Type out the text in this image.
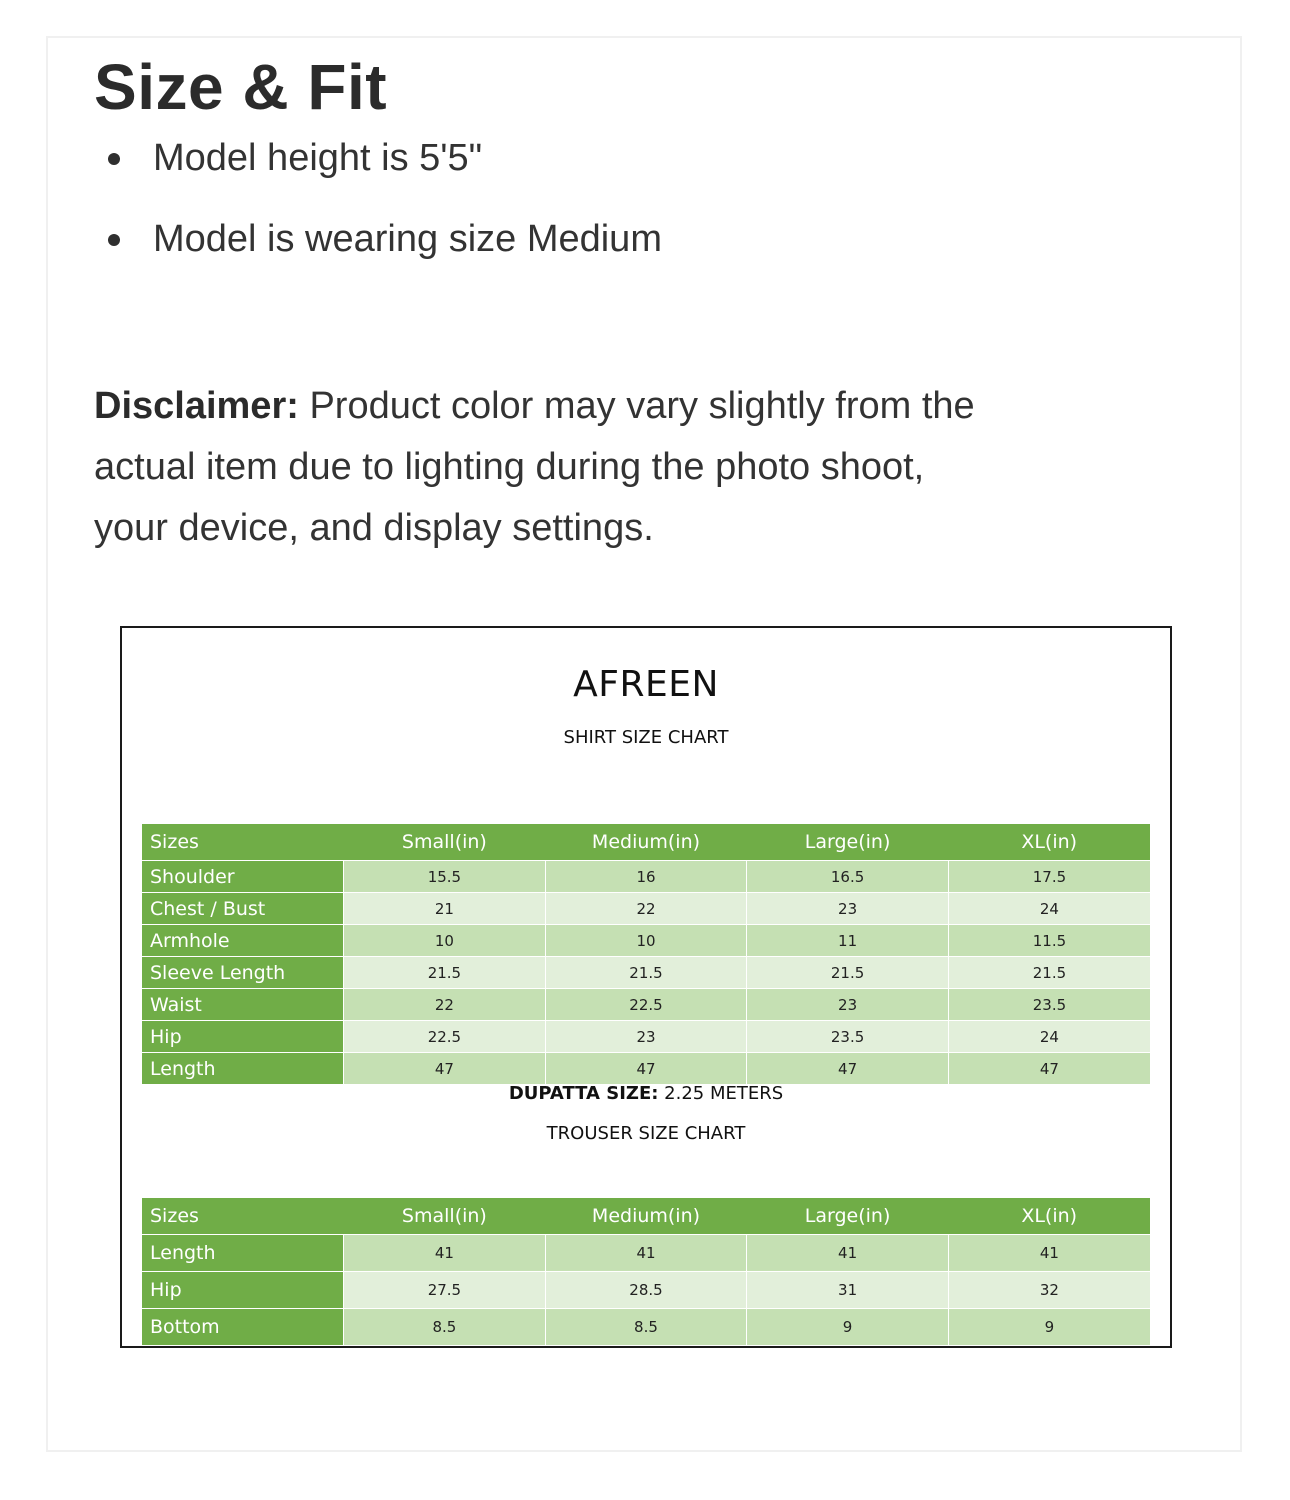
Size & Fit
Model height is 5'5"
Model is wearing size Medium

Disclaimer: Product color may vary slightly from the actual item due to lighting during the photo shoot, your device, and display settings.

AFREEN
SHIRT SIZE CHART
Sizes	Small(in)	Medium(in)	Large(in)	XL(in)
Shoulder	15.5	16	16.5	17.5
Chest / Bust	21	22	23	24
Armhole	10	10	11	11.5
Sleeve Length	21.5	21.5	21.5	21.5
Waist	22	22.5	23	23.5
Hip	22.5	23	23.5	24
Length	47	47	47	47
DUPATTA SIZE: 2.25 METERS
TROUSER SIZE CHART
Sizes	Small(in)	Medium(in)	Large(in)	XL(in)
Length	41	41	41	41
Hip	27.5	28.5	31	32
Bottom	8.5	8.5	9	9
